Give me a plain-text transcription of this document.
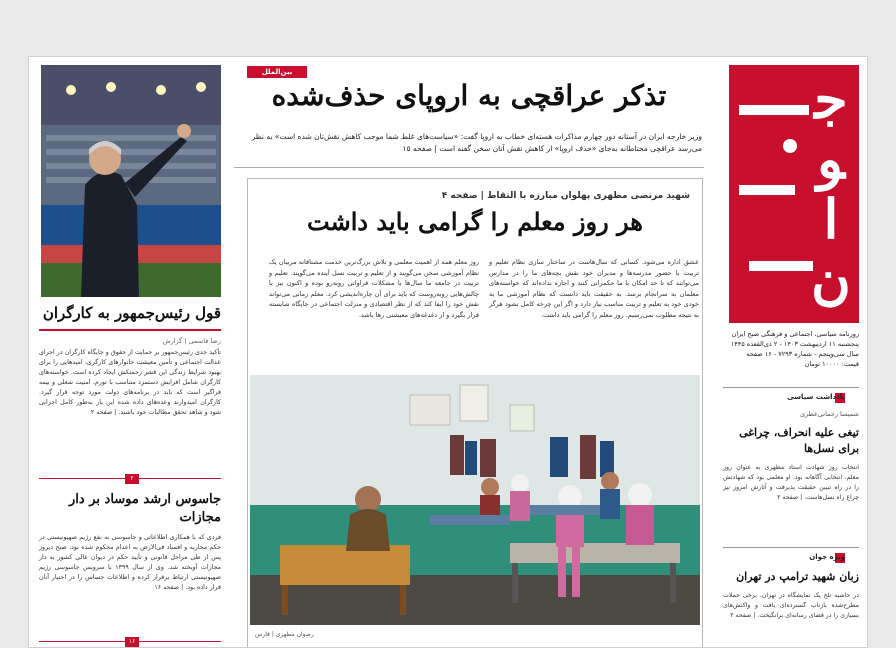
قول رئیس‌جمهور به کارگران
رضا قاسمی | گزارش
تأکید جدی رئیس‌جمهور بر حمایت از حقوق و جایگاه کارگران در اجرای عدالت اجتماعی و تأمین معیشت خانوارهای کارگری، امیدهایی را برای بهبود شرایط زندگی این قشر زحمتکش ایجاد کرده است. خواسته‌های کارگران شامل افزایش دستمزد متناسب با تورم، امنیت شغلی و بیمه فراگیر است که باید در برنامه‌های دولت مورد توجه قرار گیرد. کارگران امیدوارند وعده‌های داده شده این بار به‌طور کامل اجرایی شود و شاهد تحقق مطالبات خود باشند. | صفحه ۲
۲
جاسوس ارشد موساد بر دار مجازات
فردی که با همکاری اطلاعاتی و جاسوسی به نفع رژیم صهیونیستی در حکم محاربه و افساد فی‌الارض به اعدام محکوم شده بود، صبح دیروز پس از طی مراحل قانونی و تأیید حکم در دیوان عالی کشور به دار مجازات آویخته شد. وی از سال ۱۳۹۹ با سرویس جاسوسی رژیم صهیونیستی ارتباط برقرار کرده و اطلاعات حساس را در اختیار آنان قرار داده بود. | صفحه ۱۶
۱۶
بین‌الملل
تذکر عراقچی به اروپای حذف‌شده
وزیر خارجه ایران در آستانه دور چهارم مذاکرات هسته‌ای خطاب به اروپا گفت: «سیاست‌های غلط شما موجب کاهش نقش‌تان شده است» به نظر می‌رسد عراقچی محتاطانه به‌جای «حذف اروپا» از کاهش نقش آنان سخن گفته است | صفحه ۱۵
شهید مرتضی مطهری پهلوان مبارزه با التقاط | صفحه ۴
هر روز معلم را گرامی باید داشت
روز معلم همه از اهمیت معلمی و تلاش بزرگ‌ترین خدمت مشتاقانه مربیان یک نظام آموزشی سخن می‌گویند و از تعلیم و تربیت نسل آینده می‌گویند. تعلیم و تربیت در جامعه ما سال‌ها با مشکلات فراوانی روبه‌رو بوده و اکنون نیز با چالش‌هایی روبه‌روست که باید برای آن چاره‌اندیشی کرد. معلم زمانی می‌تواند نقش خود را ایفا کند که از نظر اقتصادی و منزلت اجتماعی در جایگاه شایسته قرار بگیرد و از دغدغه‌های معیشتی رها باشد.
عشق اداره می‌شود. کسانی که سال‌هاست در ساختار سازی نظام تعلیم و تربیت با حضور مدرسه‌ها و مدیران خود نقش بچه‌های ما را در مدارس می‌توانند که تا حد امکان با ما حکمرانی کنند و اجازه نداده‌اند که خواسته‌های معلمان به سرانجام برسد. به حقیقت باید دانست که نظام آموزشی ما به خودی خود به تعلیم و تربیت مناسب نیاز دارد و اگر این چرخه کامل نشود هرگز به نتیجه مطلوب نمی‌رسیم. روز معلم را گرامی باید داشت.
رضوان مطهری | فارس
جوان
روزنامه سیاسی، اجتماعی و فرهنگی صبح ایران
پنجشنبه ۱۱ اردیبهشت ۱۴۰۳ - ۲ ذی‌القعده ۱۴۴۵
سال سی‌وپنجم - شماره ۷۲۹۳ - ۱۶ صفحه
قیمت: ۱۰۰۰۰ تومان
یادداشت سیاسی
شمیسا رحمانی‌عطری
تیغی علیه انحراف، چراغی برای نسل‌ها
انتخاب روز شهادت استاد مطهری به عنوان روز معلم، انتخابی آگاهانه بود. او معلمی بود که شهادتش را در راه تبیین حقیقت پذیرفت و آثارش امروز نیز چراغ راه نسل‌هاست. | صفحه ۲
ویژه جوان
زبان شهید ترامپ در تهران
در حاشیه تلخ یک نمایشگاه در تهران، برخی جملات مطرح‌شده بازتاب گسترده‌ای یافت و واکنش‌های بسیاری را در فضای رسانه‌ای برانگیخت. | صفحه ۲
